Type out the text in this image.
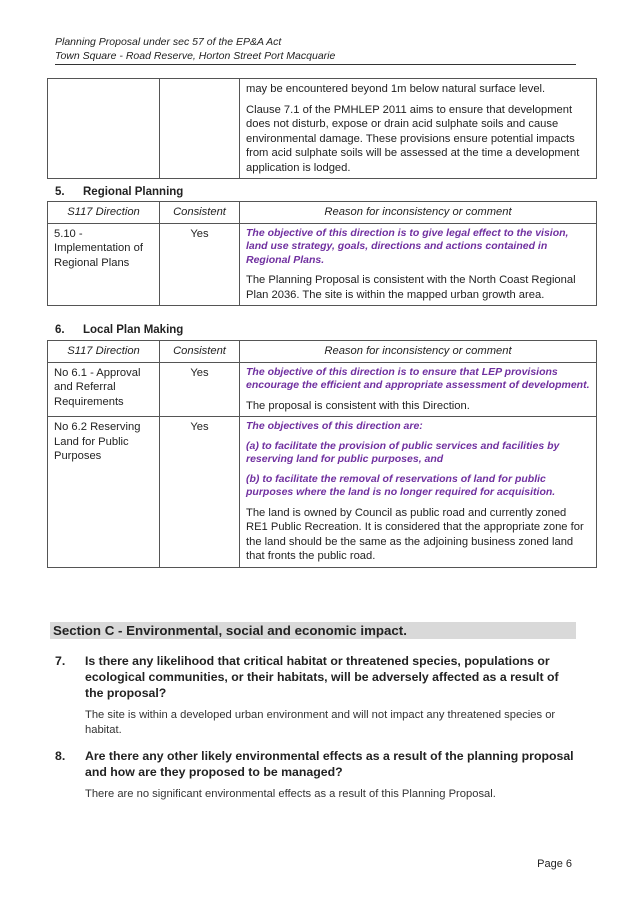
Planning Proposal under sec 57 of the EP&A Act
Town Square - Road Reserve, Horton Street Port Macquarie

may be encountered beyond 1m below natural surface level.
Clause 7.1 of the PMHLEP 2011 aims to ensure that development does not disturb, expose or drain acid sulphate soils and cause environmental damage. These provisions ensure potential impacts from acid sulphate soils will be assessed at the time a development application is lodged.
5. Regional Planning
S117 Direction	Consistent	Reason for inconsistency or comment
5.10 - Implementation of Regional Plans	Yes	The objective of this direction is to give legal effect to the vision, land use strategy, goals, directions and actions contained in Regional Plans.
The Planning Proposal is consistent with the North Coast Regional Plan 2036. The site is within the mapped urban growth area.
6. Local Plan Making
S117 Direction	Consistent	Reason for inconsistency or comment
No 6.1 - Approval and Referral Requirements	Yes	The objective of this direction is to ensure that LEP provisions encourage the efficient and appropriate assessment of development.
The proposal is consistent with this Direction.

No 6.2 Reserving Land for Public Purposes	Yes	The objectives of this direction are:
(a) to facilitate the provision of public services and facilities by reserving land for public purposes, and
(b) to facilitate the removal of reservations of land for public purposes where the land is no longer required for acquisition.
The land is owned by Council as public road and currently zoned RE1 Public Recreation. It is considered that the appropriate zone for the land should be the same as the adjoining business zoned land that fronts the public road.
Section C - Environmental, social and economic impact.
7. Is there any likelihood that critical habitat or threatened species, populations or ecological communities, or their habitats, will be adversely affected as a result of the proposal?
The site is within a developed urban environment and will not impact any threatened species or habitat.
8. Are there any other likely environmental effects as a result of the planning proposal and how are they proposed to be managed?
There are no significant environmental effects as a result of this Planning Proposal.
Page 6
